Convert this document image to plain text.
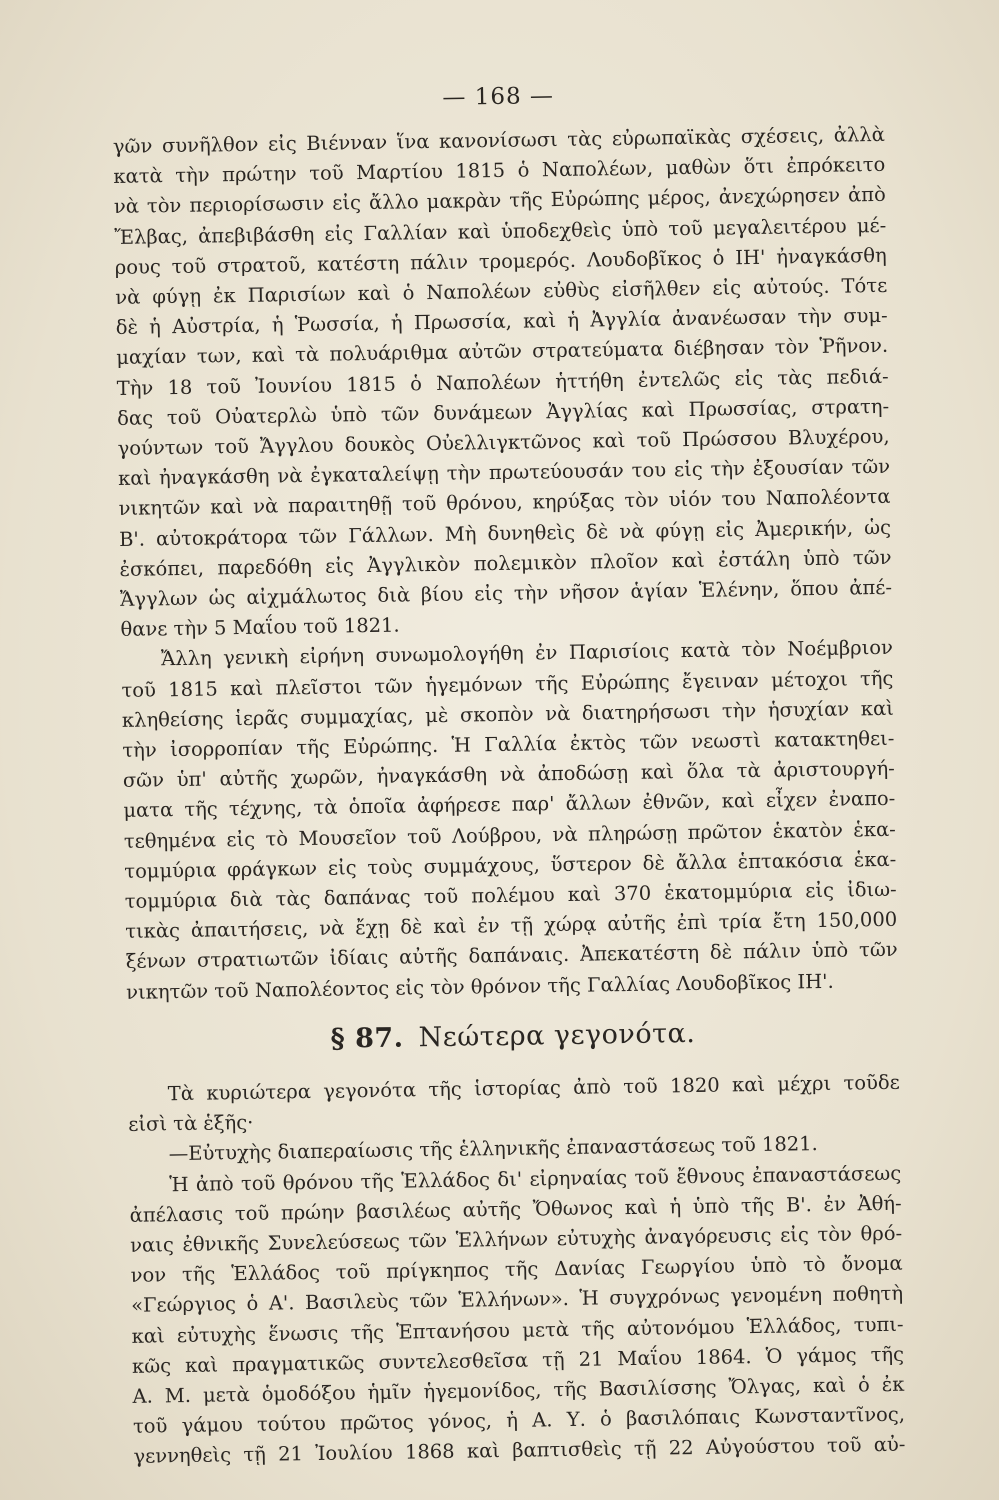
— 168 —

γῶν συνῆλθον εἰς Βιένναν ἵνα κανονίσωσι τὰς εὐρωπαϊκὰς σχέσεις, ἀλλὰ
κατὰ τὴν πρώτην τοῦ Μαρτίου 1815 ὁ Ναπολέων, μαθὼν ὅτι ἐπρόκειτο
νὰ τὸν περιορίσωσιν εἰς ἄλλο μακρὰν τῆς Εὐρώπης μέρος, ἀνεχώρησεν ἀπὸ
Ἔλβας, ἀπεβιβάσθη εἰς Γαλλίαν καὶ ὑποδεχθεὶς ὑπὸ τοῦ μεγαλειτέρου μέ-
ρους τοῦ στρατοῦ, κατέστη πάλιν τρομερός. Λουδοβῖκος ὁ ΙΗ' ἠναγκάσθη
νὰ φύγῃ ἐκ Παρισίων καὶ ὁ Ναπολέων εὐθὺς εἰσῆλθεν εἰς αὐτούς. Τότε
δὲ ἡ Αὐστρία, ἡ Ῥωσσία, ἡ Πρωσσία, καὶ ἡ Ἀγγλία ἀνανέωσαν τὴν συμ-
μαχίαν των, καὶ τὰ πολυάριθμα αὐτῶν στρατεύματα διέβησαν τὸν Ῥῆνον.

Τὴν 18 τοῦ Ἰουνίου 1815 ὁ Ναπολέων ἡττήθη ἐντελῶς εἰς τὰς πεδιά-
δας τοῦ Οὐατερλὼ ὑπὸ τῶν δυνάμεων Ἀγγλίας καὶ Πρωσσίας, στρατη-
γούντων τοῦ Ἄγγλου δουκὸς Οὐελλιγκτῶνος καὶ τοῦ Πρώσσου Βλυχέρου,
καὶ ἠναγκάσθη νὰ ἐγκαταλείψῃ τὴν πρωτεύουσάν του εἰς τὴν ἐξουσίαν τῶν
νικητῶν καὶ νὰ παραιτηθῇ τοῦ θρόνου, κηρύξας τὸν υἱόν του Ναπολέοντα
Β'. αὐτοκράτορα τῶν Γάλλων. Μὴ δυνηθεὶς δὲ νὰ φύγῃ εἰς Ἀμερικήν, ὡς
ἐσκόπει, παρεδόθη εἰς Ἀγγλικὸν πολεμικὸν πλοῖον καὶ ἐστάλη ὑπὸ τῶν
Ἄγγλων ὡς αἰχμάλωτος διὰ βίου εἰς τὴν νῆσον ἁγίαν Ἑλένην, ὅπου ἀπέ-
θανε τὴν 5 Μαΐου τοῦ 1821.

Ἄλλη γενικὴ εἰρήνη συνωμολογήθη ἐν Παρισίοις κατὰ τὸν Νοέμβριον
τοῦ 1815 καὶ πλεῖστοι τῶν ἡγεμόνων τῆς Εὐρώπης ἔγειναν μέτοχοι τῆς
κληθείσης ἱερᾶς συμμαχίας, μὲ σκοπὸν νὰ διατηρήσωσι τὴν ἡσυχίαν καὶ
τὴν ἰσορροπίαν τῆς Εὐρώπης. Ἡ Γαλλία ἐκτὸς τῶν νεωστὶ κατακτηθει-
σῶν ὑπ' αὐτῆς χωρῶν, ἠναγκάσθη νὰ ἀποδώσῃ καὶ ὅλα τὰ ἀριστουργή-
ματα τῆς τέχνης, τὰ ὁποῖα ἀφήρεσε παρ' ἄλλων ἐθνῶν, καὶ εἶχεν ἐναπο-
τεθημένα εἰς τὸ Μουσεῖον τοῦ Λούβρου, νὰ πληρώσῃ πρῶτον ἑκατὸν ἑκα-
τομμύρια φράγκων εἰς τοὺς συμμάχους, ὕστερον δὲ ἄλλα ἑπτακόσια ἑκα-
τομμύρια διὰ τὰς δαπάνας τοῦ πολέμου καὶ 370 ἑκατομμύρια εἰς ἰδιω-
τικὰς ἀπαιτήσεις, νὰ ἔχῃ δὲ καὶ ἐν τῇ χώρᾳ αὐτῆς ἐπὶ τρία ἔτη 150,000
ξένων στρατιωτῶν ἰδίαις αὐτῆς δαπάναις. Ἀπεκατέστη δὲ πάλιν ὑπὸ τῶν
νικητῶν τοῦ Ναπολέοντος εἰς τὸν θρόνον τῆς Γαλλίας Λουδοβῖκος ΙΗ'.

§ 87. Νεώτερα γεγονότα.

Τὰ κυριώτερα γεγονότα τῆς ἱστορίας ἀπὸ τοῦ 1820 καὶ μέχρι τοῦδε
εἰσὶ τὰ ἑξῆς·

—Εὐτυχὴς διαπεραίωσις τῆς ἑλληνικῆς ἐπαναστάσεως τοῦ 1821.

Ἡ ἀπὸ τοῦ θρόνου τῆς Ἑλλάδος δι' εἰρηναίας τοῦ ἔθνους ἐπαναστάσεως
ἀπέλασις τοῦ πρώην βασιλέως αὐτῆς Ὄθωνος καὶ ἡ ὑπὸ τῆς Β'. ἐν Ἀθή-
ναις ἐθνικῆς Συνελεύσεως τῶν Ἑλλήνων εὐτυχὴς ἀναγόρευσις εἰς τὸν θρό-
νον τῆς Ἑλλάδος τοῦ πρίγκηπος τῆς Δανίας Γεωργίου ὑπὸ τὸ ὄνομα
«Γεώργιος ὁ Α'. Βασιλεὺς τῶν Ἑλλήνων». Ἡ συγχρόνως γενομένη ποθητὴ
καὶ εὐτυχὴς ἕνωσις τῆς Ἑπτανήσου μετὰ τῆς αὐτονόμου Ἑλλάδος, τυπι-
κῶς καὶ πραγματικῶς συντελεσθεῖσα τῇ 21 Μαΐου 1864. Ὁ γάμος τῆς
Α. Μ. μετὰ ὁμοδόξου ἡμῖν ἡγεμονίδος, τῆς Βασιλίσσης Ὄλγας, καὶ ὁ ἐκ
τοῦ γάμου τούτου πρῶτος γόνος, ἡ Α. Υ. ὁ βασιλόπαις Κωνσταντῖνος,
γεννηθεὶς τῇ 21 Ἰουλίου 1868 καὶ βαπτισθεὶς τῇ 22 Αὐγούστου τοῦ αὐ-
